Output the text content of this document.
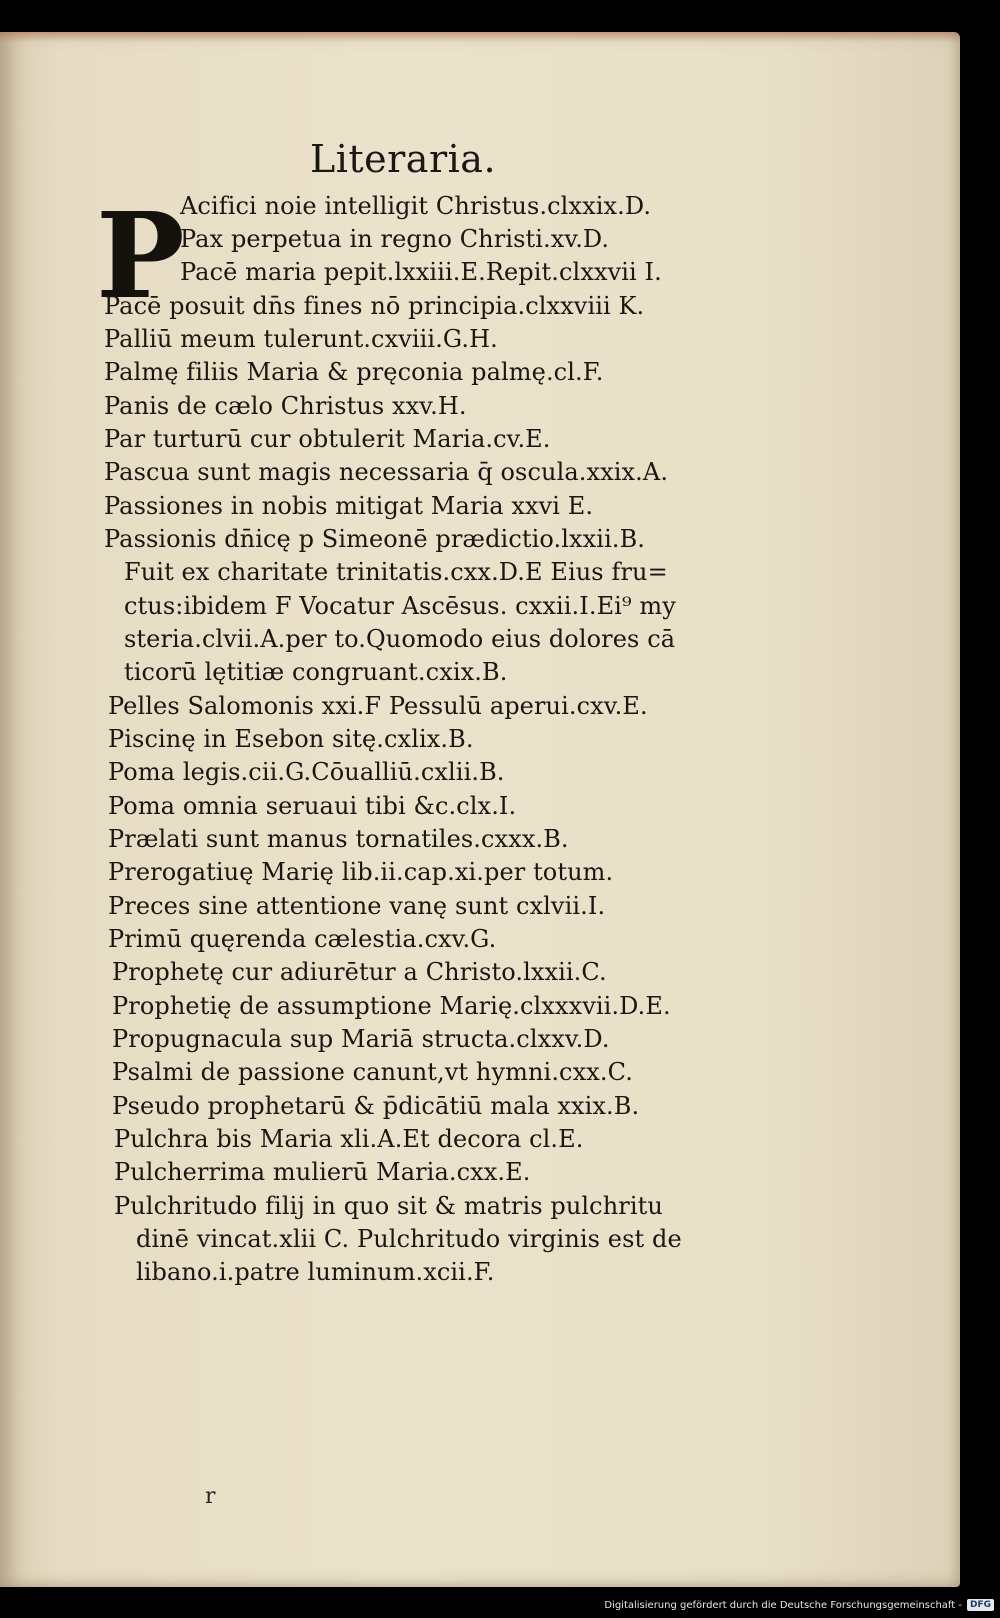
Literaria.
P
Acifici noie intelligit Christus.clxxix.D.
Pax perpetua in regno Christi.xv.D.
Pacē maria pepit.lxxiii.E.Repit.clxxvii I.
Pacē posuit dn̄s fines nō principia.clxxviii K.
Palliū meum tulerunt.cxviii.G.H.
Palmę filiis Maria & pręconia palmę.cl.F.
Panis de cælo Christus xxv.H.
Par turturū cur obtulerit Maria.cv.E.
Pascua sunt magis necessaria q̄ oscula.xxix.A.
Passiones in nobis mitigat Maria xxvi E.
Passionis dn̄icę p Simeonē prædictio.lxxii.B.
Fuit ex charitate trinitatis.cxx.D.E Eius fru=
ctus:ibidem F Vocatur Ascēsus. cxxii.I.Ei⁹ my
steria.clvii.A.per to.Quomodo eius dolores cā
ticorū lętitiæ congruant.cxix.B.
Pelles Salomonis xxi.F Pessulū aperui.cxv.E.
Piscinę in Esebon sitę.cxlix.B.
Poma legis.cii.G.Cōualliū.cxlii.B.
Poma omnia seruaui tibi &c.clx.I.
Prælati sunt manus tornatiles.cxxx.B.
Prerogatiuę Marię lib.ii.cap.xi.per totum.
Preces sine attentione vanę sunt cxlvii.I.
Primū quęrenda cælestia.cxv.G.
Prophetę cur adiurētur a Christo.lxxii.C.
Prophetię de assumptione Marię.clxxxvii.D.E.
Propugnacula sup Mariā structa.clxxv.D.
Psalmi de passione canunt,vt hymni.cxx.C.
Pseudo prophetarū & p̄dicātiū mala xxix.B.
Pulchra bis Maria xli.A.Et decora cl.E.
Pulcherrima mulierū Maria.cxx.E.
Pulchritudo filij in quo sit & matris pulchritu
dinē vincat.xlii C. Pulchritudo virginis est de
libano.i.patre luminum.xcii.F.
r
Digitalisierung gefördert durch die Deutsche Forschungsgemeinschaft - DFG
